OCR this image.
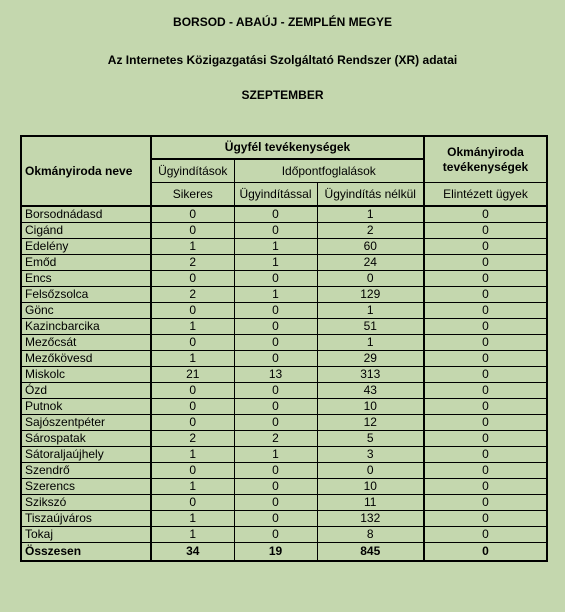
BORSOD - ABAÚJ - ZEMPLÉN MEGYE
Az Internetes Közigazgatási Szolgáltató Rendszer (XR) adatai
SZEPTEMBER
Okmányiroda neve	Ügyfél tevékenységek			Okmányiroda tevékenységek
	Ügyindítások	Időpontfoglalások		
	Sikeres	Ügyindítással	Ügyindítás nélkül	Elintézett ügyek
Borsodnádasd	0	0	1	0
Cigánd	0	0	2	0
Edelény	1	1	60	0
Emőd	2	1	24	0
Encs	0	0	0	0
Felsőzsolca	2	1	129	0
Gönc	0	0	1	0
Kazincbarcika	1	0	51	0
Mezőcsát	0	0	1	0
Mezőkövesd	1	0	29	0
Miskolc	21	13	313	0
Ózd	0	0	43	0
Putnok	0	0	10	0
Sajószentpéter	0	0	12	0
Sárospatak	2	2	5	0
Sátoraljaújhely	1	1	3	0
Szendrő	0	0	0	0
Szerencs	1	0	10	0
Szikszó	0	0	11	0
Tiszaújváros	1	0	132	0
Tokaj	1	0	8	0
Összesen	34	19	845	0
